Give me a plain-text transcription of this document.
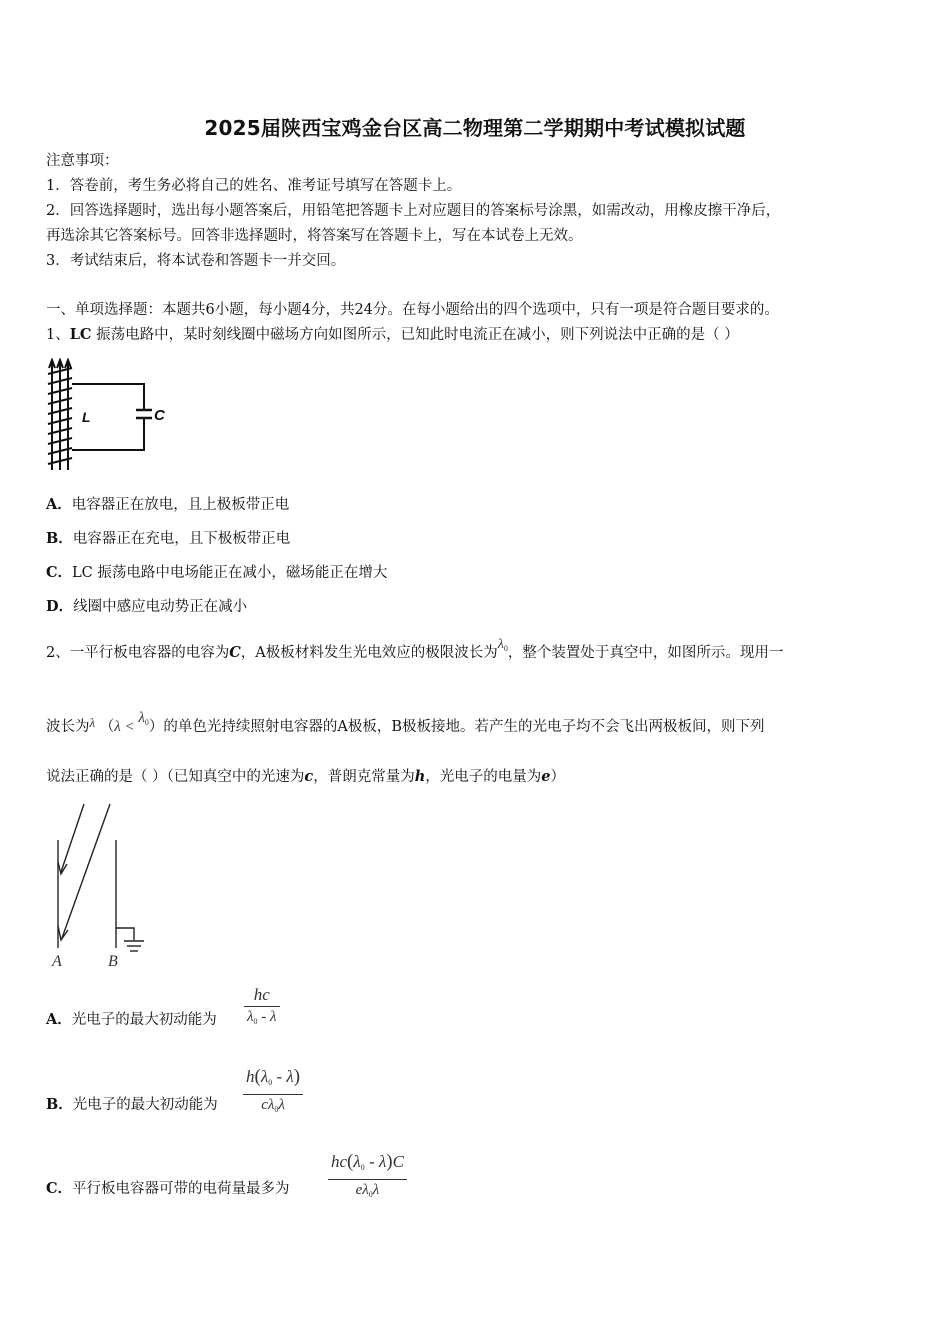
2025届陕西宝鸡金台区高二物理第二学期期中考试模拟试题
注意事项：
1．答卷前，考生务必将自己的姓名、准考证号填写在答题卡上。
2．回答选择题时，选出每小题答案后，用铅笔把答题卡上对应题目的答案标号涂黑，如需改动，用橡皮擦干净后，
再选涂其它答案标号。回答非选择题时，将答案写在答题卡上，写在本试卷上无效。
3．考试结束后，将本试卷和答题卡一并交回。
一、单项选择题：本题共6小题，每小题4分，共24分。在每小题给出的四个选项中，只有一项是符合题目要求的。
1、LC 振荡电路中，某时刻线圈中磁场方向如图所示，已知此时电流正在减小，则下列说法中正确的是（ ）
L	C
A．电容器正在放电，且上极板带正电
B．电容器正在充电，且下极板带正电
C．LC 振荡电路中电场能正在减小，磁场能正在增大
D．线圈中感应电动势正在减小
2、一平行板电容器的电容为C，A极板材料发生光电效应的极限波长为$\lambda_0$，整个装置处于真空中，如图所示。现用一
波长为λ $(\lambda < \lambda_0)$的单色光持续照射电容器的A极板，B极板接地。若产生的光电子均不会飞出两极板间，则下列
说法正确的是（ ）（已知真空中的光速为c，普朗克常量为h，光电子的电量为e）
A	B
A．光电子的最大初动能为
hc
$\lambda_0$ - λ
B．光电子的最大初动能为
$h(\lambda_0 - \lambda)$
$c\lambda_0\lambda$
C．平行板电容器可带的电荷量最多为
$hc(\lambda_0 - \lambda)C$
$e\lambda_0\lambda$
